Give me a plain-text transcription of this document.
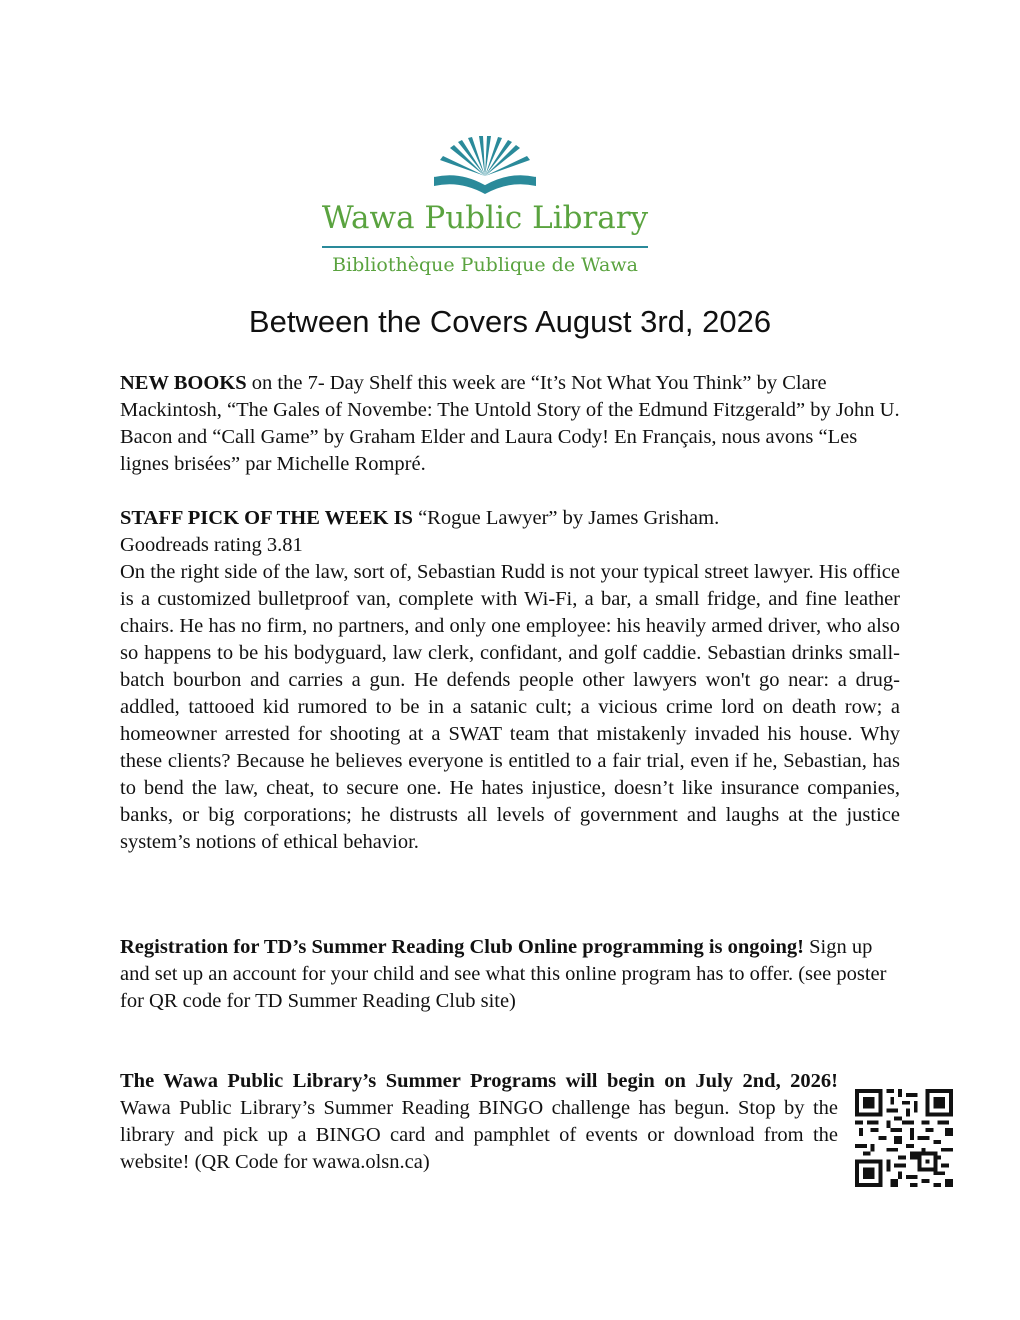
Wawa Public Library
Bibliothèque Publique de Wawa
Between the Covers August 3rd, 2026

NEW BOOKS on the 7- Day Shelf this week are “It’s Not What You Think” by Clare Mackintosh, “The Gales of Novembe: The Untold Story of the Edmund Fitzgerald” by John U. Bacon and “Call Game” by Graham Elder and Laura Cody! En Français, nous avons “Les lignes brisées” par Michelle Rompré.

STAFF PICK OF THE WEEK IS “Rogue Lawyer” by James Grisham.
Goodreads rating 3.81
On the right side of the law, sort of, Sebastian Rudd is not your typical street lawyer. His office is a customized bulletproof van, complete with Wi-Fi, a bar, a small fridge, and fine leather chairs. He has no firm, no partners, and only one employee: his heavily armed driver, who also so happens to be his bodyguard, law clerk, confidant, and golf caddie. Sebastian drinks small-batch bourbon and carries a gun. He defends people other lawyers won't go near: a drug-addled, tattooed kid rumored to be in a satanic cult; a vicious crime lord on death row; a homeowner arrested for shooting at a SWAT team that mistakenly invaded his house. Why these clients? Because he believes everyone is entitled to a fair trial, even if he, Sebastian, has to bend the law, cheat, to secure one. He hates injustice, doesn’t like insurance companies, banks, or big corporations; he distrusts all levels of government and laughs at the justice system’s notions of ethical behavior.

Registration for TD’s Summer Reading Club Online programming is ongoing! Sign up and set up an account for your child and see what this online program has to offer. (see poster for QR code for TD Summer Reading Club site)

The Wawa Public Library’s Summer Programs will begin on July 2nd, 2026! Wawa Public Library’s Summer Reading BINGO challenge has begun. Stop by the library and pick up a BINGO card and pamphlet of events or download from the website! (QR Code for wawa.olsn.ca)
